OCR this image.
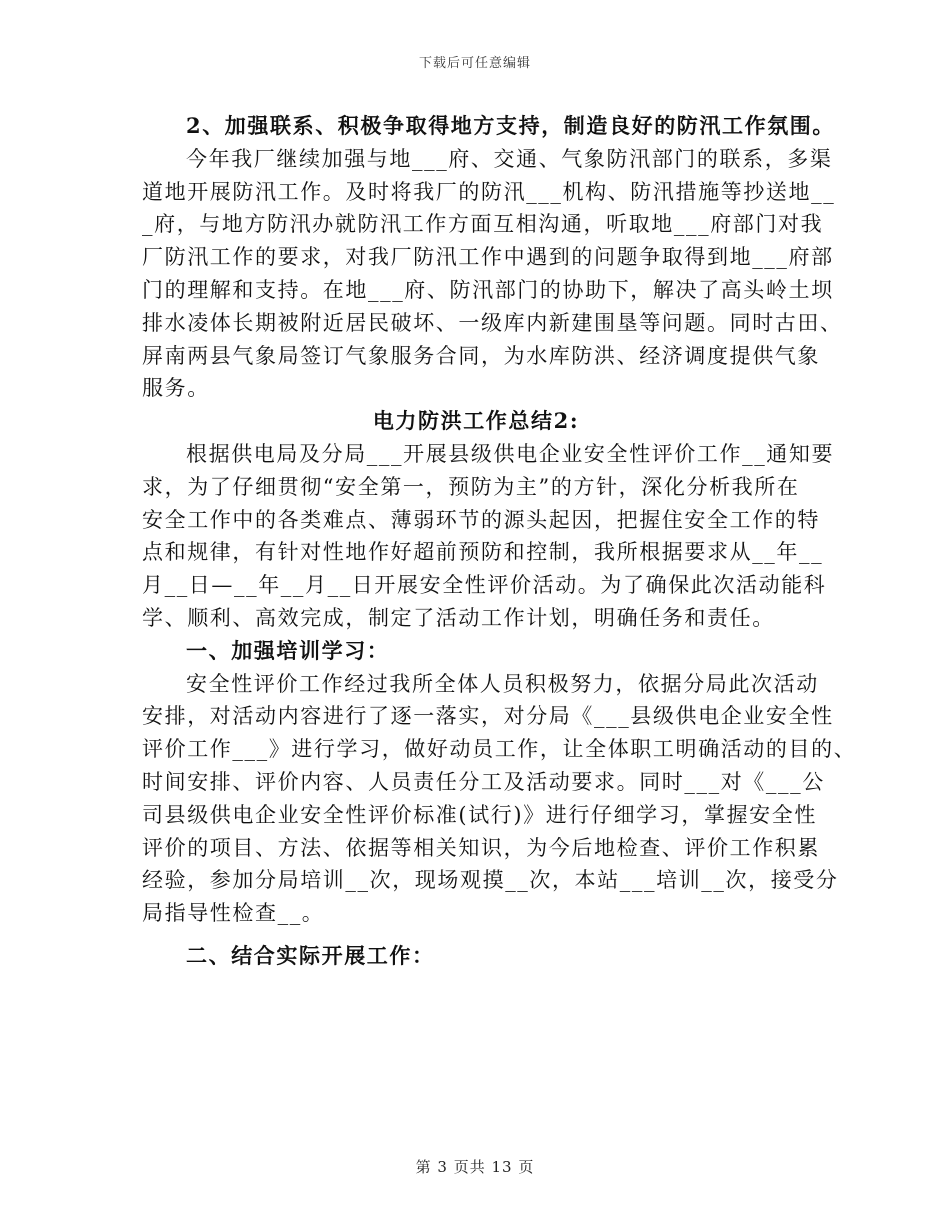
下载后可任意编辑
2、加强联系、积极争取得地方支持，制造良好的防汛工作氛围。
今年我厂继续加强与地___府、交通、气象防汛部门的联系，多渠
道地开展防汛工作。及时将我厂的防汛___机构、防汛措施等抄送地__
_府，与地方防汛办就防汛工作方面互相沟通，听取地___府部门对我
厂防汛工作的要求，对我厂防汛工作中遇到的问题争取得到地___府部
门的理解和支持。在地___府、防汛部门的协助下，解决了高头岭土坝
排水凌体长期被附近居民破坏、一级库内新建围垦等问题。同时古田、
屏南两县气象局签订气象服务合同，为水库防洪、经济调度提供气象
服务。
电力防洪工作总结2:
根据供电局及分局___开展县级供电企业安全性评价工作__通知要
求，为了仔细贯彻“安全第一，预防为主”的方针，深化分析我所在
安全工作中的各类难点、薄弱环节的源头起因，把握住安全工作的特
点和规律，有针对性地作好超前预防和控制，我所根据要求从__年__
月__日—__年__月__日开展安全性评价活动。为了确保此次活动能科
学、顺利、高效完成，制定了活动工作计划，明确任务和责任。
一、加强培训学习：
安全性评价工作经过我所全体人员积极努力，依据分局此次活动
安排，对活动内容进行了逐一落实，对分局《___县级供电企业安全性
评价工作___》进行学习，做好动员工作，让全体职工明确活动的目的、
时间安排、评价内容、人员责任分工及活动要求。同时___对《___公
司县级供电企业安全性评价标准(试行)》进行仔细学习，掌握安全性
评价的项目、方法、依据等相关知识，为今后地检查、评价工作积累
经验，参加分局培训__次，现场观摸__次，本站___培训__次，接受分
局指导性检查__。
二、结合实际开展工作：
第 3 页共 13 页
